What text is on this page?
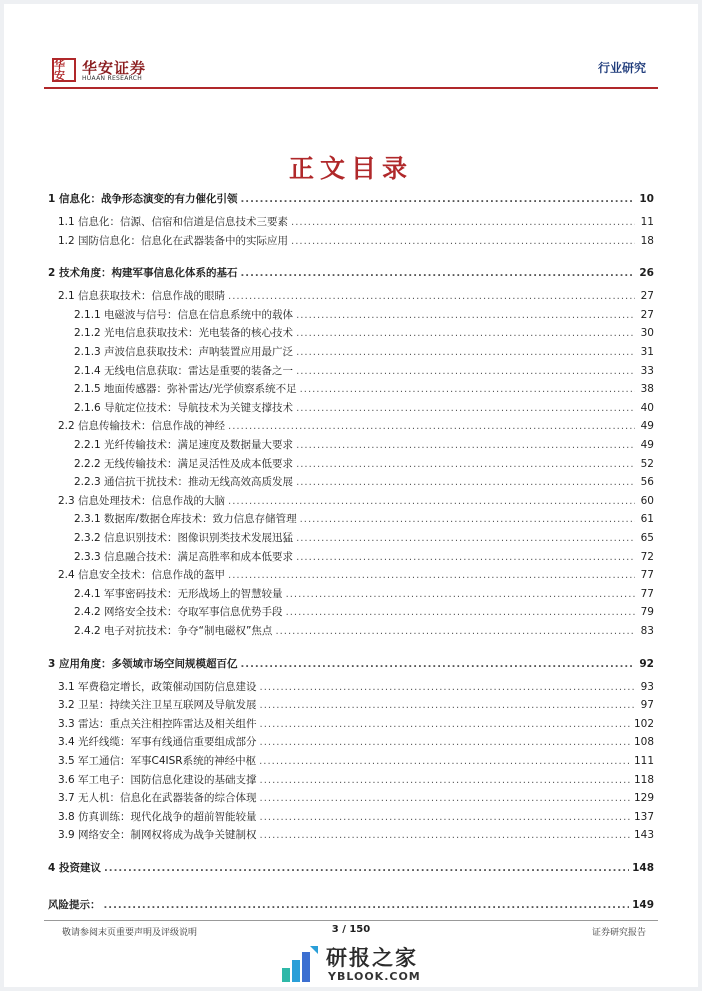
华安	华安证券
HUAAN RESEARCH
行业研究
正文目录
1 信息化：战争形态演变的有力催化引领 .....	10
1.1 信息化：信源、信宿和信道是信息技术三要素 .....	11
1.2 国防信息化：信息化在武器装备中的实际应用 .....	18
2 技术角度：构建军事信息化体系的基石 .....	26
2.1 信息获取技术：信息作战的眼睛 .....	27
2.1.1 电磁波与信号：信息在信息系统中的载体 .....	27
2.1.2 光电信息获取技术：光电装备的核心技术 .....	30
2.1.3 声波信息获取技术：声呐装置应用最广泛 .....	31
2.1.4 无线电信息获取：雷达是重要的装备之一 .....	33
2.1.5 地面传感器：弥补雷达/光学侦察系统不足 .....	38
2.1.6 导航定位技术：导航技术为关键支撑技术 .....	40
2.2 信息传输技术：信息作战的神经 .....	49
2.2.1 光纤传输技术：满足速度及数据量大要求 .....	49
2.2.2 无线传输技术：满足灵活性及成本低要求 .....	52
2.2.3 通信抗干扰技术：推动无线高效高质发展 .....	56
2.3 信息处理技术：信息作战的大脑 .....	60
2.3.1 数据库/数据仓库技术：致力信息存储管理 .....	61
2.3.2 信息识别技术：图像识别类技术发展迅猛 .....	65
2.3.3 信息融合技术：满足高胜率和成本低要求 .....	72
2.4 信息安全技术：信息作战的盔甲 .....	77
2.4.1 军事密码技术：无形战场上的智慧较量 .....	77
2.4.2 网络安全技术：夺取军事信息优势手段 .....	79
2.4.2 电子对抗技术：争夺“制电磁权”焦点 .....	83
3 应用角度：多领域市场空间规模超百亿 .....	92
3.1 军费稳定增长，政策催动国防信息建设 .....	93
3.2 卫星：持续关注卫星互联网及导航发展 .....	97
3.3 雷达：重点关注相控阵雷达及相关组件 .....	102
3.4 光纤线缆：军事有线通信重要组成部分 .....	108
3.5 军工通信：军事C4ISR系统的神经中枢 .....	111
3.6 军工电子：国防信息化建设的基础支撑 .....	118
3.7 无人机：信息化在武器装备的综合体现 .....	129
3.8 仿真训练：现代化战争的超前智能较量 .....	137
3.9 网络安全：制网权将成为战争关键制权 .....	143
4 投资建议 .....	148
风险提示： .....	149
敬请参阅末页重要声明及评级说明	3 / 150	证券研究报告
研报之家
YBLOOK.COM
